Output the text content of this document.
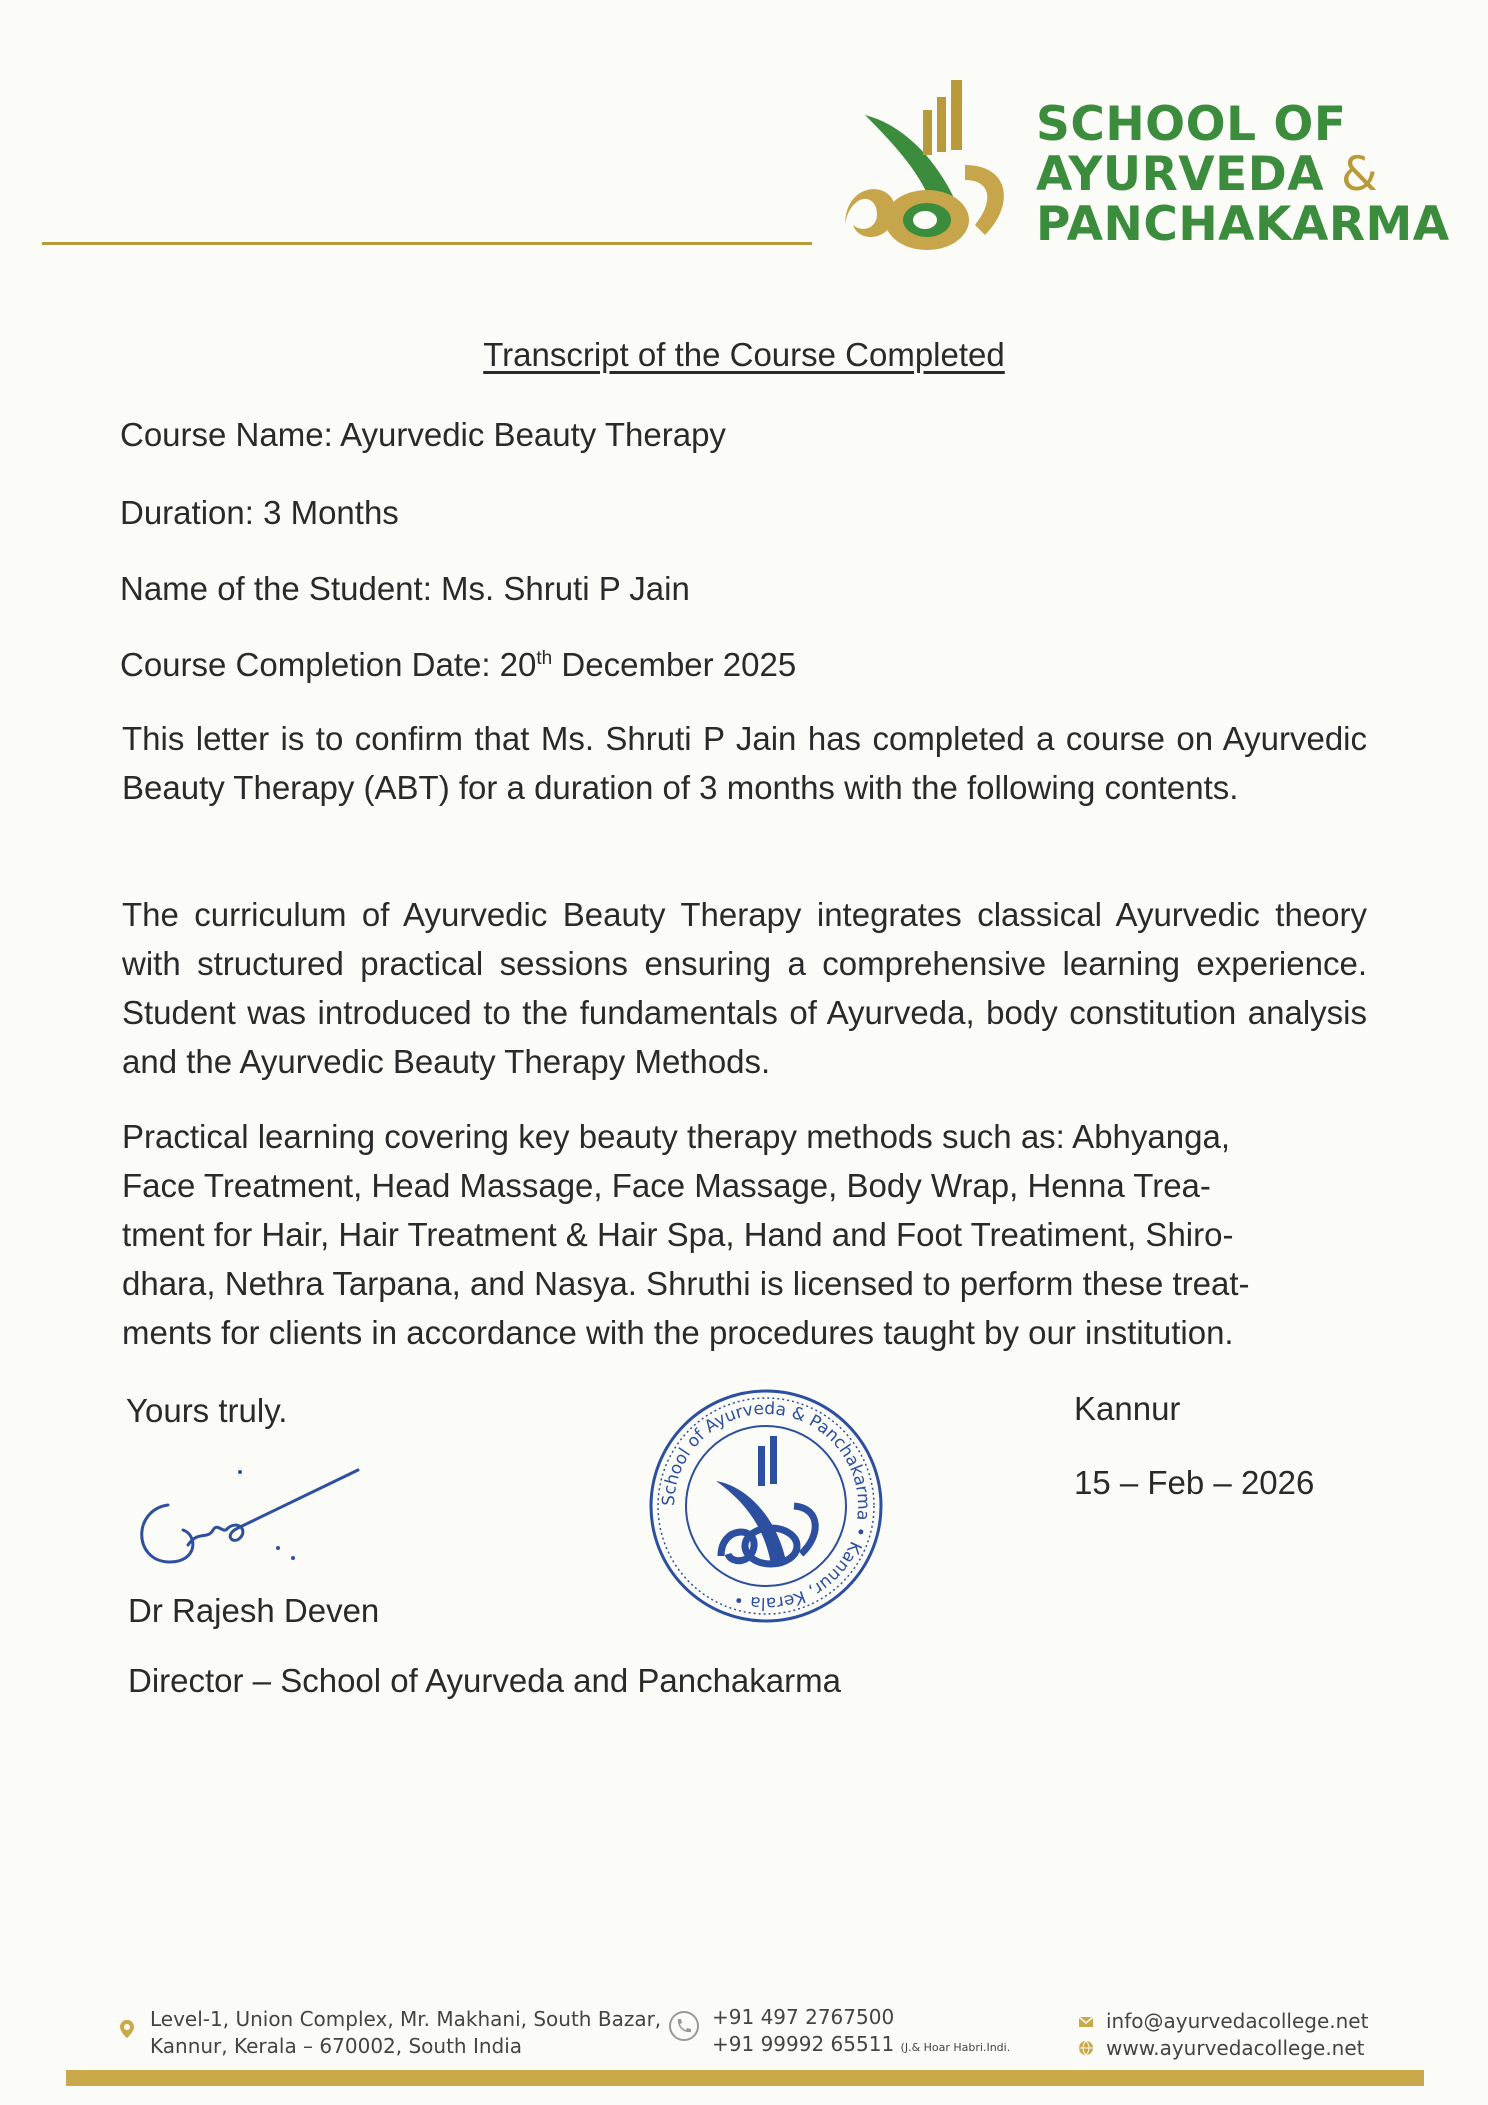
SCHOOL OF
AYURVEDA &
PANCHAKARMA
Transcript of the Course Completed
Course Name: Ayurvedic Beauty Therapy
Duration: 3 Months
Name of the Student: Ms. Shruti P Jain
Course Completion Date: 20th December 2025
This letter is to confirm that Ms. Shruti P Jain has completed a course on Ayurvedic Beauty Therapy (ABT) for a duration of 3 months with the following contents.
The curriculum of Ayurvedic Beauty Therapy integrates classical Ayurvedic theory with structured practical sessions ensuring a comprehensive learning experience. Student was introduced to the fundamentals of Ayurveda, body constitution analysis and the Ayurvedic Beauty Therapy Methods.
Practical learning covering key beauty therapy methods such as: Abhyanga,
Face Treatment, Head Massage, Face Massage, Body Wrap, Henna Trea-
tment for Hair, Hair Treatment & Hair Spa, Hand and Foot Treatiment, Shiro-
dhara, Nethra Tarpana, and Nasya. Shruthi is licensed to perform these treat-
ments for clients in accordance with the procedures taught by our institution.
Yours truly.
Dr Rajesh Deven
Director – School of Ayurveda and Panchakarma
School of Ayurveda & Panchakarma • Kannur, Kerala •
Kannur
15 – Feb – 2026
Level-1, Union Complex, Mr. Makhani, South Bazar,
Kannur, Kerala – 670002, South India
+91 497 2767500
+91 99992 65511 (J.& Hoar Habri.Indi.
info@ayurvedacollege.net
www.ayurvedacollege.net
